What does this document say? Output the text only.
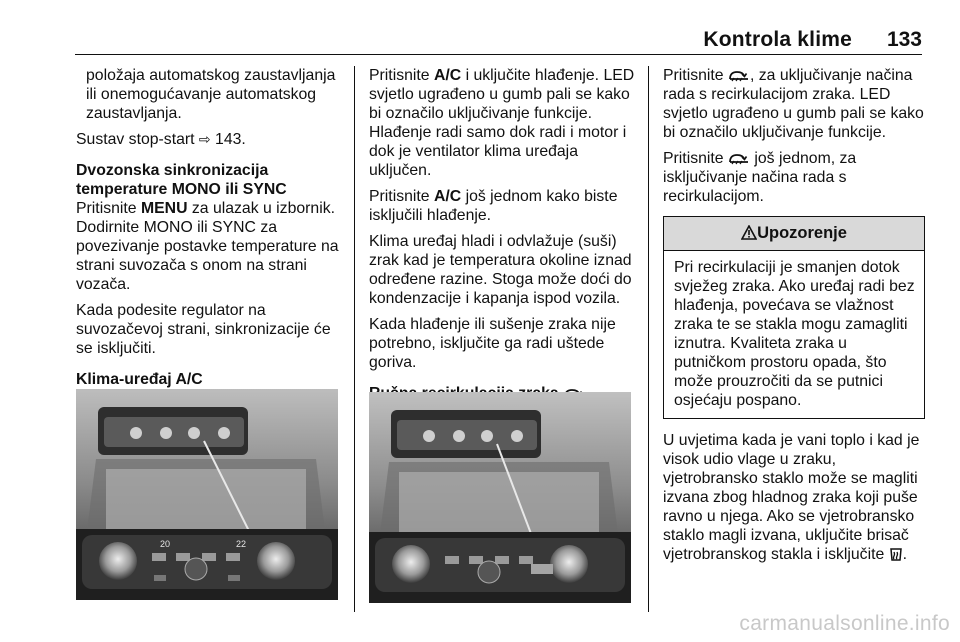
Kontrola klime 133

položaja automatskog zaustavljanja ili onemogućavanje automatskog zaustavljanja.

Sustav stop-start ⇨ 143.

Dvozonska sinkronizacija temperature MONO ili SYNC

Pritisnite MENU za ulazak u izbornik. Dodirnite MONO ili SYNC za povezivanje postavke temperature na strani suvozača s onom na strani vozača.

Kada podesite regulator na suvozačevoj strani, sinkronizacije će se isključiti.

Klima-uređaj A/C

Pritisnite A/C i uključite hlađenje. LED svjetlo ugrađeno u gumb pali se kako bi označilo uključivanje funkcije. Hlađenje radi samo dok radi i motor i dok je ventilator klima uređaja uključen.

Pritisnite A/C još jednom kako biste isključili hlađenje.

Klima uređaj hladi i odvlažuje (suši) zrak kad je temperatura okoline iznad određene razine. Stoga može doći do kondenzacije i kapanja ispod vozila.

Kada hlađenje ili sušenje zraka nije potrebno, isključite ga radi uštede goriva.

Pritisnite , za uključivanje načina rada s recirkulacijom zraka. LED svjetlo ugrađeno u gumb pali se kako bi označilo uključivanje funkcije.

Pritisnite  još jednom, za isključivanje načina rada s recirkulacijom.

Upozorenje
Pri recirkulaciji je smanjen dotok svježeg zraka. Ako uređaj radi bez hlađenja, povećava se vlažnost zraka te se stakla mogu zamagliti iznutra. Kvaliteta zraka u putničkom prostoru opada, što može prouzročiti da se putnici osjećaju pospano.

U uvjetima kada je vani toplo i kad je visok udio vlage u zraku, vjetrobransko staklo može se magliti izvana zbog hladnog zraka koji puše ravno u njega. Ako se vjetrobransko staklo magli izvana, uključite brisač vjetrobranskog stakla i isključite .

20	22
carmanualsonline.info
